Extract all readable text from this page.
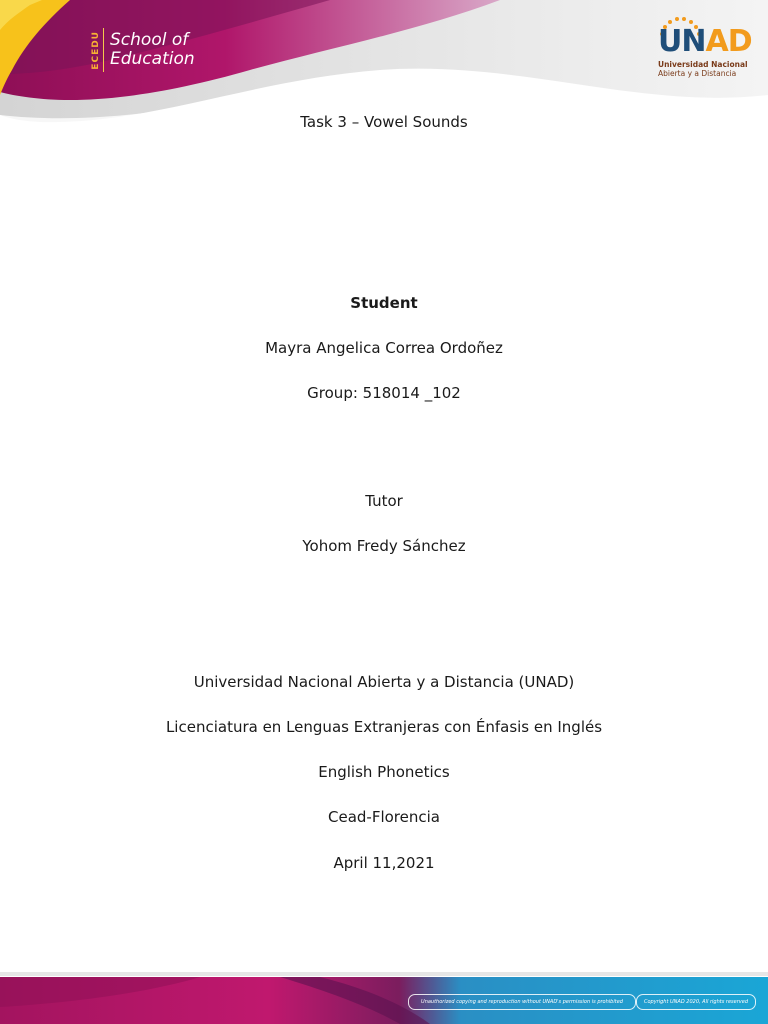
ECEDU School of
Education	UNAD
Universidad Nacional
Abierta y a Distancia
Task 3 – Vowel Sounds
Student
Mayra Angelica Correa Ordoñez
Group: 518014 _102
Tutor
Yohom Fredy Sánchez
Universidad Nacional Abierta y a Distancia (UNAD)
Licenciatura en Lenguas Extranjeras con Énfasis en Inglés
English Phonetics
Cead-Florencia
April 11,2021
Unauthorized copying and reproduction without UNAD's permission is prohibited	Copyright UNAD 2020, All rights reserved
